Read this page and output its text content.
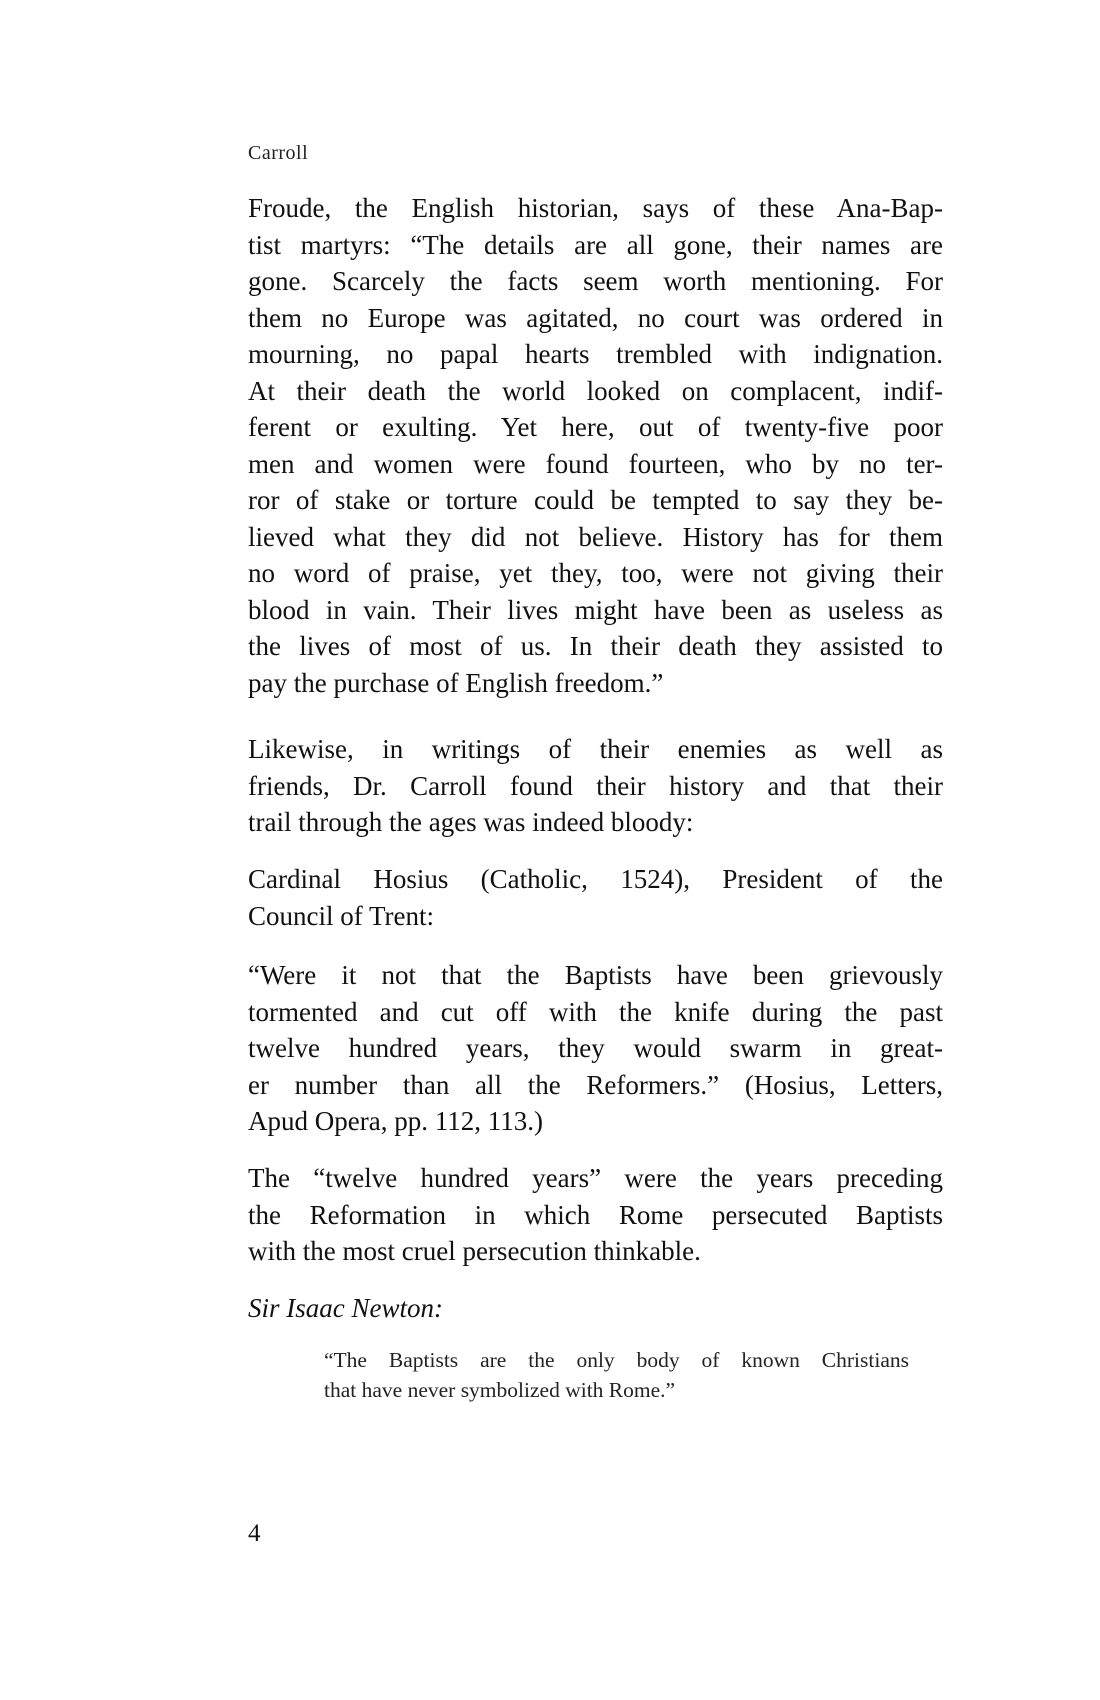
Carroll
Froude, the English historian, says of these Ana-Bap-
tist martyrs: “The details are all gone, their names are
gone. Scarcely the facts seem worth mentioning. For
them no Europe was agitated, no court was ordered in
mourning, no papal hearts trembled with indignation.
At their death the world looked on complacent, indif-
ferent or exulting. Yet here, out of twenty-five poor
men and women were found fourteen, who by no ter-
ror of stake or torture could be tempted to say they be-
lieved what they did not believe. History has for them
no word of praise, yet they, too, were not giving their
blood in vain. Their lives might have been as useless as
the lives of most of us. In their death they assisted to
pay the purchase of English freedom.”
Likewise, in writings of their enemies as well as
friends, Dr. Carroll found their history and that their
trail through the ages was indeed bloody:
Cardinal Hosius (Catholic, 1524), President of the
Council of Trent:
“Were it not that the Baptists have been grievously
tormented and cut off with the knife during the past
twelve hundred years, they would swarm in great-
er number than all the Reformers.” (Hosius, Letters,
Apud Opera, pp. 112, 113.)
The “twelve hundred years” were the years preceding
the Reformation in which Rome persecuted Baptists
with the most cruel persecution thinkable.
Sir Isaac Newton:
“The Baptists are the only body of known Christians
that have never symbolized with Rome.”
4
